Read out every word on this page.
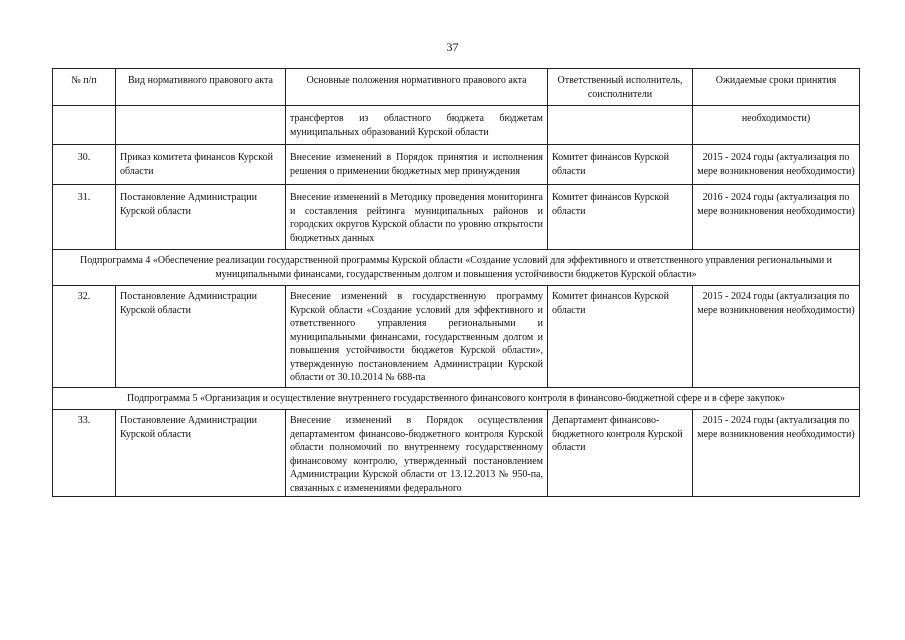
37
№ п/п	Вид нормативного правового акта	Основные положения нормативного правового акта	Ответственный исполнитель, соисполнители	Ожидаемые сроки принятия
		трансфертов из областного бюджета бюджетам муниципальных образований Курской области		необходимости)
30.	Приказ комитета финансов Курской области	Внесение изменений в Порядок принятия и исполнения решения о применении бюджетных мер принуждения	Комитет финансов Курской области	2015 - 2024 годы (актуализация по мере возникновения необходимости)
31.	Постановление Администрации Курской области	Внесение изменений в Методику проведения мониторинга и составления рейтинга муниципальных районов и городских округов Курской области по уровню открытости бюджетных данных	Комитет финансов Курской области	2016 - 2024 годы (актуализация по мере возникновения необходимости)
Подпрограмма 4 «Обеспечение реализации государственной программы Курской области «Создание условий для эффективного и ответственного управления региональными и муниципальными финансами, государственным долгом и повышения устойчивости бюджетов Курской области»				
32.	Постановление Администрации Курской области	Внесение изменений в государственную программу Курской области «Создание условий для эффективного и ответственного управления региональными и муниципальными финансами, государственным долгом и повышения устойчивости бюджетов Курской области», утвержденную постановлением Администрации Курской области от 30.10.2014 № 688-па	Комитет финансов Курской области	2015 - 2024 годы (актуализация по мере возникновения необходимости)
Подпрограмма 5 «Организация и осуществление внутреннего государственного финансового контроля в финансово-бюджетной сфере и в сфере закупок»				
33.	Постановление Администрации Курской области	Внесение изменений в Порядок осуществления департаментом финансово-бюджетного контроля Курской области полномочий по внутреннему государственному финансовому контролю, утвержденный постановлением Администрации Курской области от 13.12.2013 № 950-па, связанных с изменениями федерального	Департамент финансово-бюджетного контроля Курской области	2015 - 2024 годы (актуализация по мере возникновения необходимости)
